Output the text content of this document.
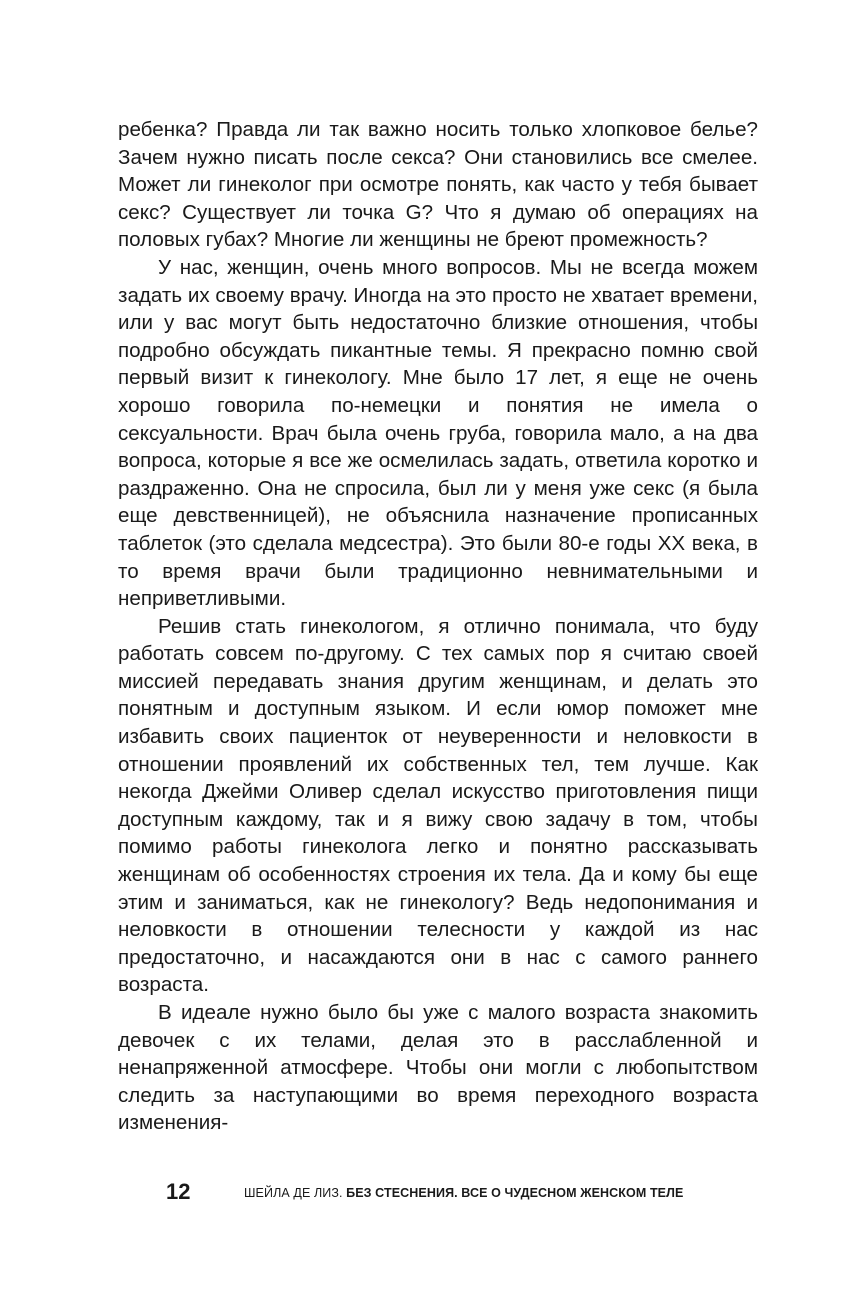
ребенка? Правда ли так важно носить только хлопковое белье? Зачем нужно писать после секса? Они становились все смелее. Может ли гинеколог при осмотре понять, как часто у тебя бывает секс? Существует ли точка G? Что я думаю об операциях на половых губах? Многие ли женщины не бреют промежность?

У нас, женщин, очень много вопросов. Мы не всегда можем задать их своему врачу. Иногда на это просто не хватает времени, или у вас могут быть недостаточно близкие отношения, чтобы подробно обсуждать пикантные темы. Я прекрасно помню свой первый визит к гинекологу. Мне было 17 лет, я еще не очень хорошо говорила по-немецки и понятия не имела о сексуальности. Врач была очень груба, говорила мало, а на два вопроса, которые я все же осмелилась задать, ответила коротко и раздраженно. Она не спросила, был ли у меня уже секс (я была еще девственницей), не объяснила назначение прописанных таблеток (это сделала медсестра). Это были 80-е годы XX века, в то время врачи были традиционно невнимательными и неприветливыми.

Решив стать гинекологом, я отлично понимала, что буду работать совсем по-другому. С тех самых пор я считаю своей миссией передавать знания другим женщинам, и делать это понятным и доступным языком. И если юмор поможет мне избавить своих пациенток от неуверенности и неловкости в отношении проявлений их собственных тел, тем лучше. Как некогда Джейми Оливер сделал искусство приготовления пищи доступным каждому, так и я вижу свою задачу в том, чтобы помимо работы гинеколога легко и понятно рассказывать женщинам об особенностях строения их тела. Да и кому бы еще этим и заниматься, как не гинекологу? Ведь недопонимания и неловкости в отношении телесности у каждой из нас предостаточно, и насаждаются они в нас с самого раннего возраста.

В идеале нужно было бы уже с малого возраста знакомить девочек с их телами, делая это в расслабленной и ненапряженной атмосфере. Чтобы они могли с любопытством следить за наступающими во время переходного возраста изменения-

12	ШЕЙЛА ДЕ ЛИЗ. БЕЗ СТЕСНЕНИЯ. ВСЕ О ЧУДЕСНОМ ЖЕНСКОМ ТЕЛЕ
